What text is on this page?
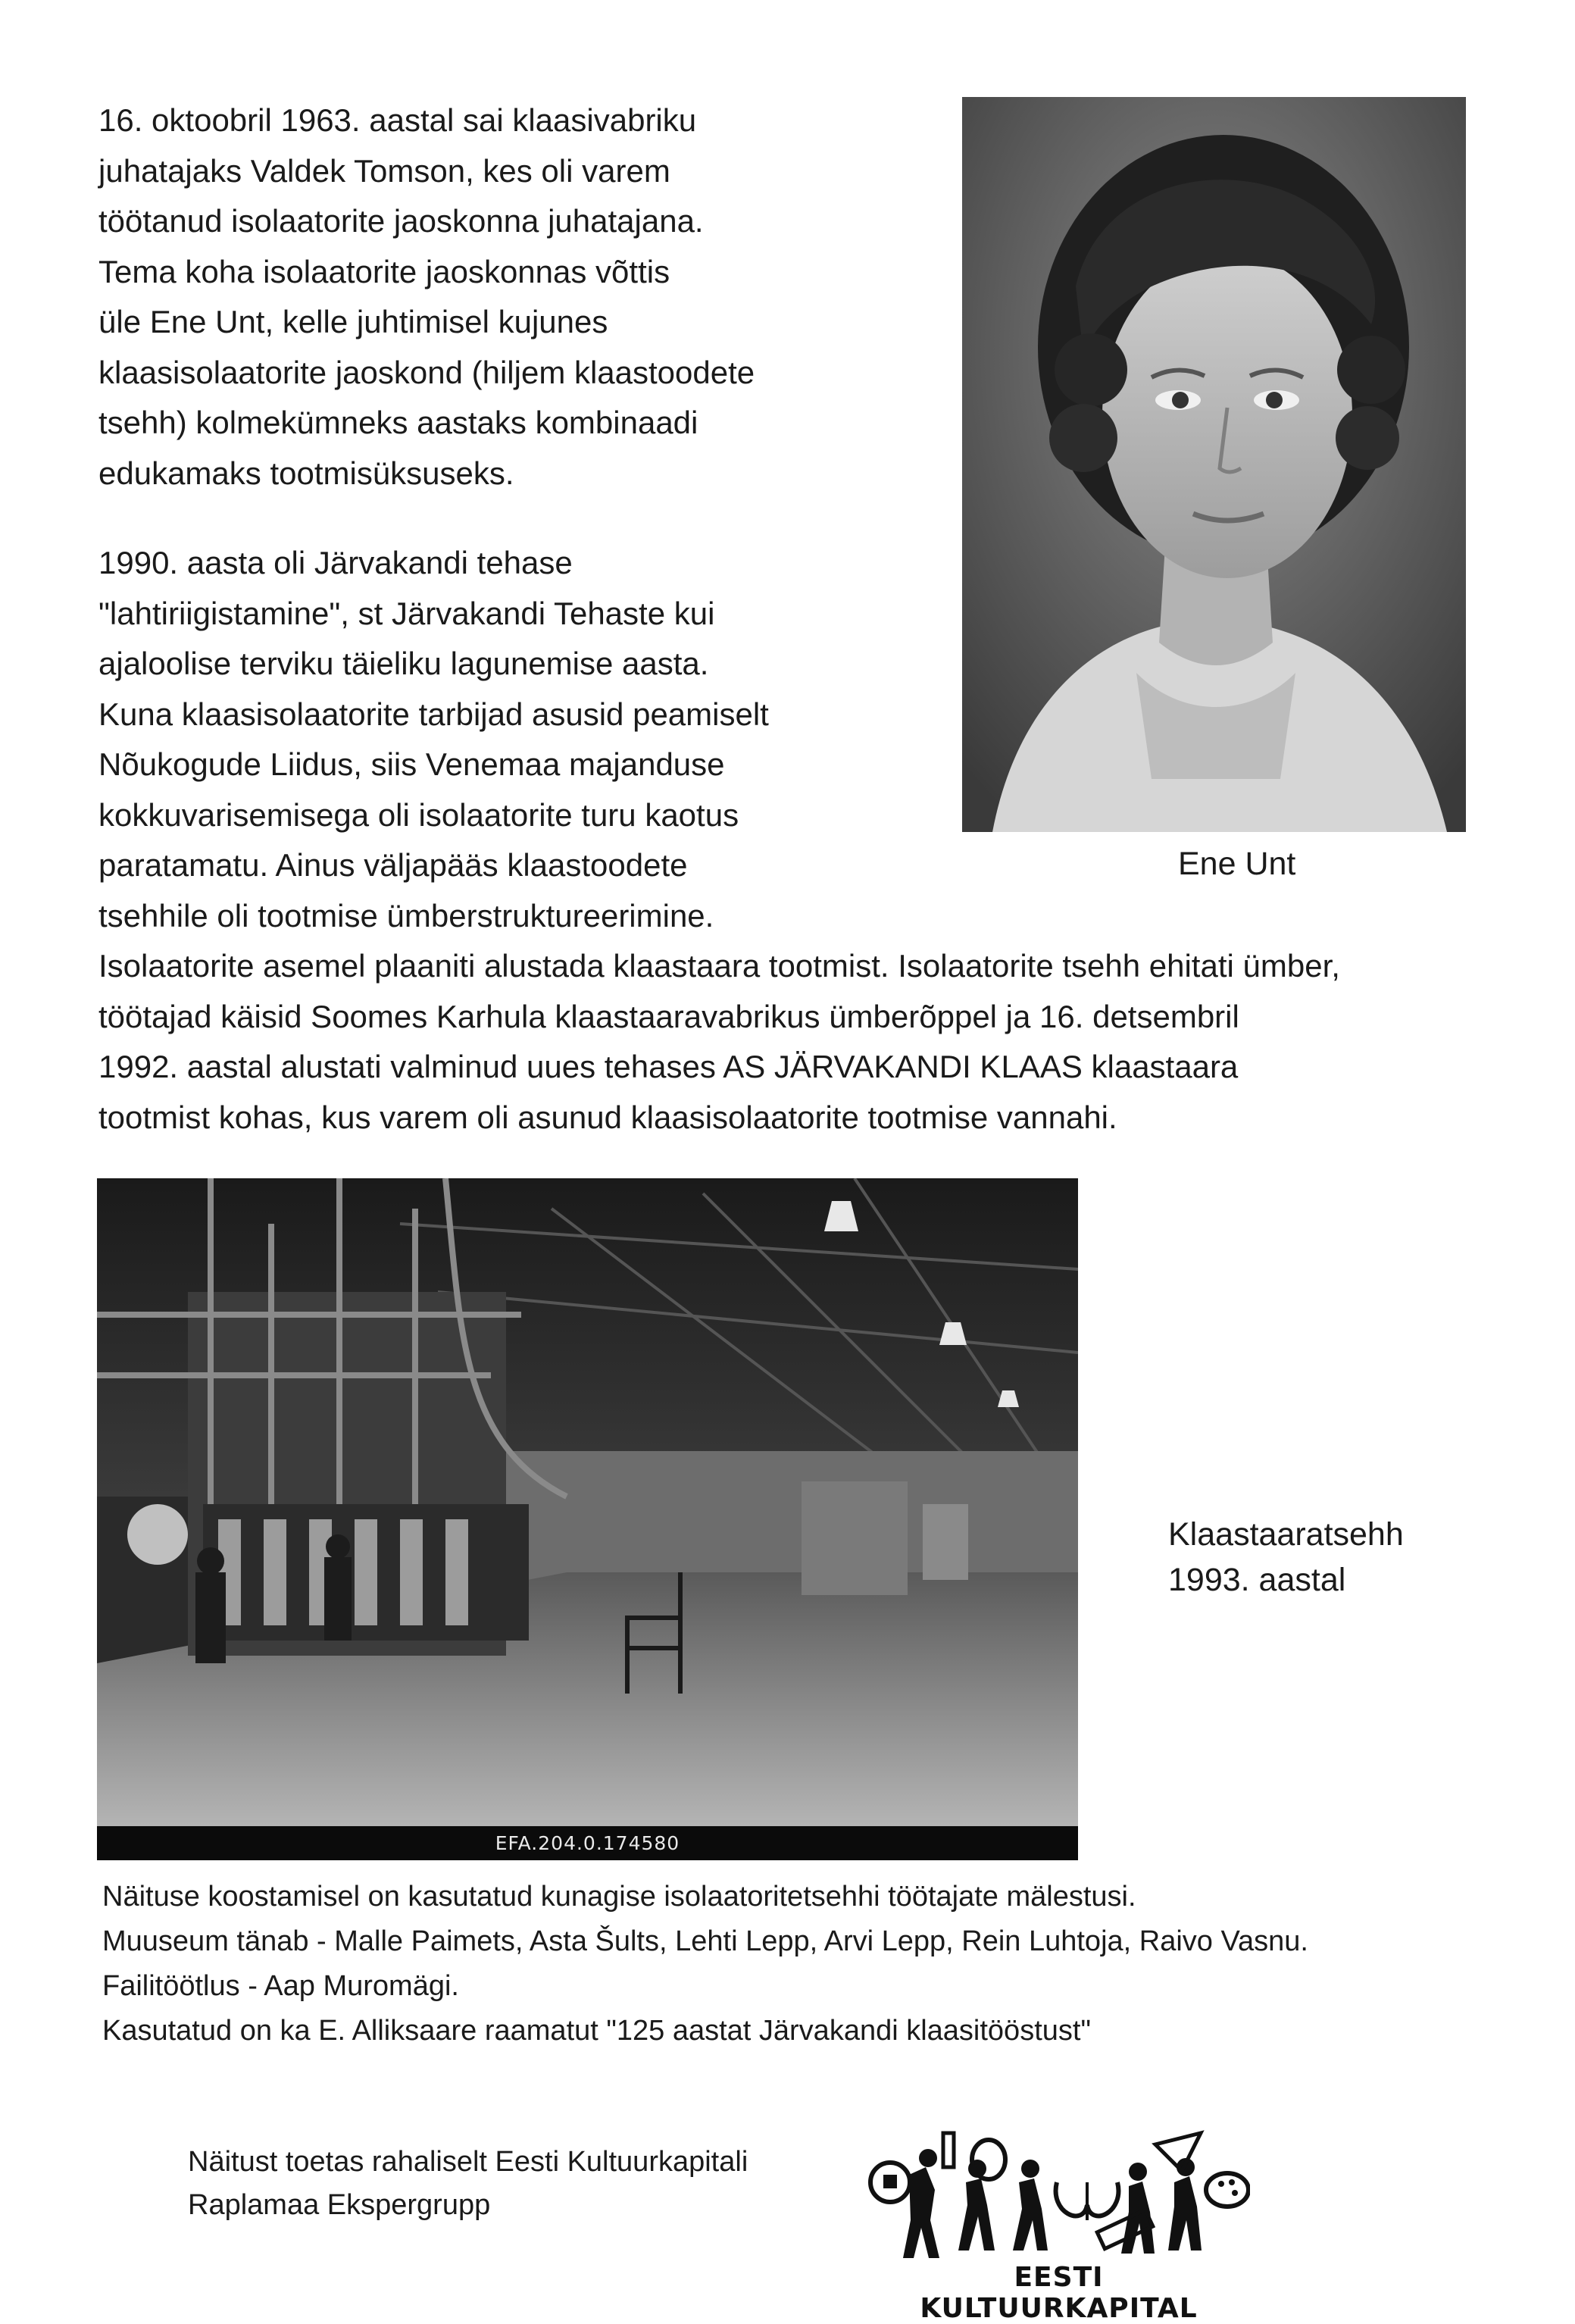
16. oktoobril 1963. aastal sai klaasivabriku
juhatajaks Valdek Tomson, kes oli varem
töötanud isolaatorite jaoskonna juhatajana.
Tema koha isolaatorite jaoskonnas võttis
üle Ene Unt, kelle juhtimisel kujunes
klaasisolaatorite jaoskond (hiljem klaastoodete
tsehh) kolmekümneks aastaks kombinaadi
edukamaks tootmisüksuseks.
1990. aasta oli Järvakandi tehase
"lahtiriigistamine", st Järvakandi Tehaste kui
ajaloolise terviku täieliku lagunemise aasta.
Kuna klaasisolaatorite tarbijad asusid peamiselt
Nõukogude Liidus, siis Venemaa majanduse
kokkuvarisemisega oli isolaatorite turu kaotus
paratamatu. Ainus väljapääs klaastoodete
tsehhile oli tootmise ümberstruktureerimine.
Isolaatorite asemel plaaniti alustada klaastaara tootmist. Isolaatorite tsehh ehitati ümber,
töötajad käisid Soomes Karhula klaastaaravabrikus ümberõppel ja 16. detsembril
1992. aastal alustati valminud uues tehases AS JÄRVAKANDI KLAAS klaastaara
tootmist kohas, kus varem oli asunud klaasisolaatorite tootmise vannahi.
Ene Unt
EFA.204.0.174580
Klaastaaratsehh
1993. aastal
Näituse koostamisel on kasutatud kunagise isolaatoritetsehhi töötajate mälestusi.
Muuseum tänab - Malle Paimets, Asta Šults, Lehti Lepp, Arvi Lepp, Rein Luhtoja, Raivo Vasnu.
Failitöötlus - Aap Muromägi.
Kasutatud on ka E. Alliksaare raamatut "125 aastat Järvakandi klaasitööstust"
Näitust toetas rahaliselt Eesti Kultuurkapitali
Raplamaa Ekspergrupp
EESTI KULTUURKAPITAL
